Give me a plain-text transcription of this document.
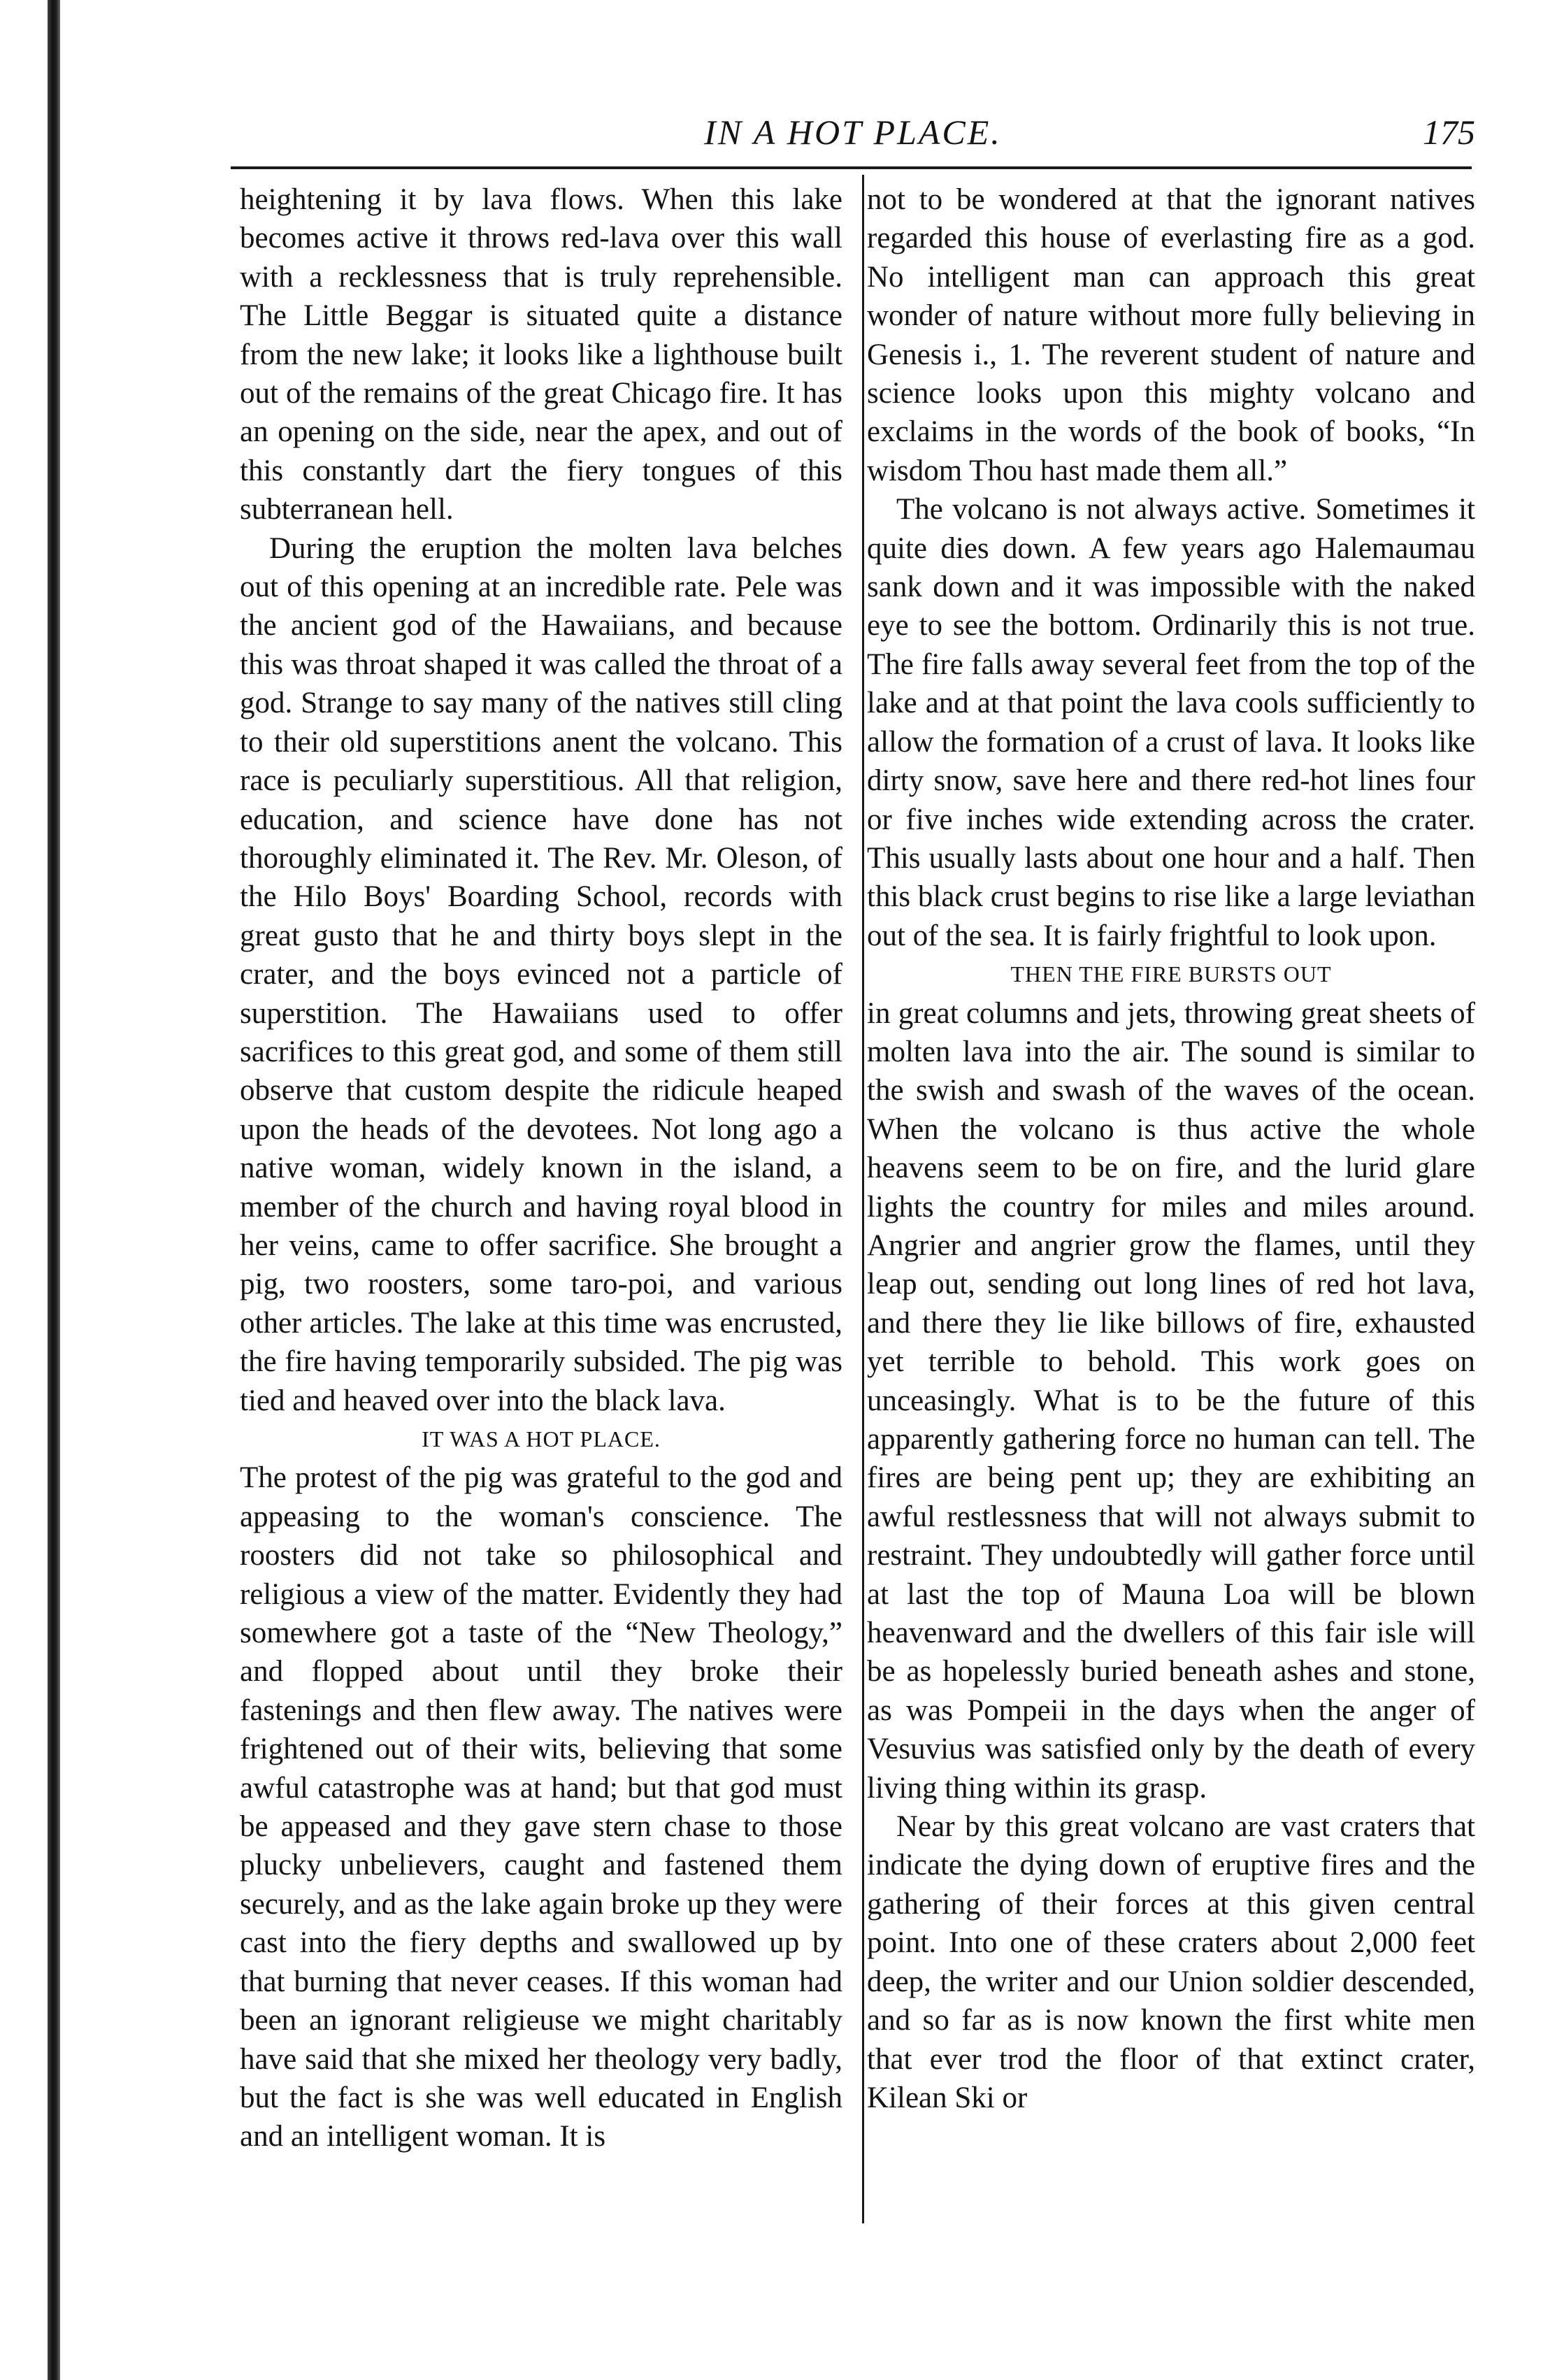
IN A HOT PLACE.	175

heightening it by lava flows. When this lake becomes active it throws red-lava over this wall with a recklessness that is truly reprehensible. The Little Beggar is situated quite a distance from the new lake; it looks like a lighthouse built out of the remains of the great Chicago fire. It has an opening on the side, near the apex, and out of this constantly dart the fiery tongues of this subterranean hell.

During the eruption the molten lava belches out of this opening at an incredible rate. Pele was the ancient god of the Hawaiians, and because this was throat shaped it was called the throat of a god. Strange to say many of the natives still cling to their old superstitions anent the volcano. This race is peculiarly superstitious. All that religion, education, and science have done has not thoroughly eliminated it. The Rev. Mr. Oleson, of the Hilo Boys' Boarding School, records with great gusto that he and thirty boys slept in the crater, and the boys evinced not a particle of superstition. The Hawaiians used to offer sacrifices to this great god, and some of them still observe that custom despite the ridicule heaped upon the heads of the devotees. Not long ago a native woman, widely known in the island, a member of the church and having royal blood in her veins, came to offer sacrifice. She brought a pig, two roosters, some taro-poi, and various other articles. The lake at this time was encrusted, the fire having temporarily subsided. The pig was tied and heaved over into the black lava.

IT WAS A HOT PLACE.

The protest of the pig was grateful to the god and appeasing to the woman's conscience. The roosters did not take so philosophical and religious a view of the matter. Evidently they had somewhere got a taste of the “New Theology,” and flopped about until they broke their fastenings and then flew away. The natives were frightened out of their wits, believing that some awful catastrophe was at hand; but that god must be appeased and they gave stern chase to those plucky unbelievers, caught and fastened them securely, and as the lake again broke up they were cast into the fiery depths and swallowed up by that burning that never ceases. If this woman had been an ignorant religieuse we might charitably have said that she mixed her theology very badly, but the fact is she was well educated in English and an intelligent woman. It is

not to be wondered at that the ignorant natives regarded this house of everlasting fire as a god. No intelligent man can approach this great wonder of nature without more fully believing in Genesis i., 1. The reverent student of nature and science looks upon this mighty volcano and exclaims in the words of the book of books, “In wisdom Thou hast made them all.”

The volcano is not always active. Sometimes it quite dies down. A few years ago Halemaumau sank down and it was impossible with the naked eye to see the bottom. Ordinarily this is not true. The fire falls away several feet from the top of the lake and at that point the lava cools sufficiently to allow the formation of a crust of lava. It looks like dirty snow, save here and there red-hot lines four or five inches wide extending across the crater. This usually lasts about one hour and a half. Then this black crust begins to rise like a large leviathan out of the sea. It is fairly frightful to look upon.

THEN THE FIRE BURSTS OUT

in great columns and jets, throwing great sheets of molten lava into the air. The sound is similar to the swish and swash of the waves of the ocean. When the volcano is thus active the whole heavens seem to be on fire, and the lurid glare lights the country for miles and miles around. Angrier and angrier grow the flames, until they leap out, sending out long lines of red hot lava, and there they lie like billows of fire, exhausted yet terrible to behold. This work goes on unceasingly. What is to be the future of this apparently gathering force no human can tell. The fires are being pent up; they are exhibiting an awful restlessness that will not always submit to restraint. They undoubtedly will gather force until at last the top of Mauna Loa will be blown heavenward and the dwellers of this fair isle will be as hopelessly buried beneath ashes and stone, as was Pompeii in the days when the anger of Vesuvius was satisfied only by the death of every living thing within its grasp.

Near by this great volcano are vast craters that indicate the dying down of eruptive fires and the gathering of their forces at this given central point. Into one of these craters about 2,000 feet deep, the writer and our Union soldier descended, and so far as is now known the first white men that ever trod the floor of that extinct crater, Kilean Ski or
